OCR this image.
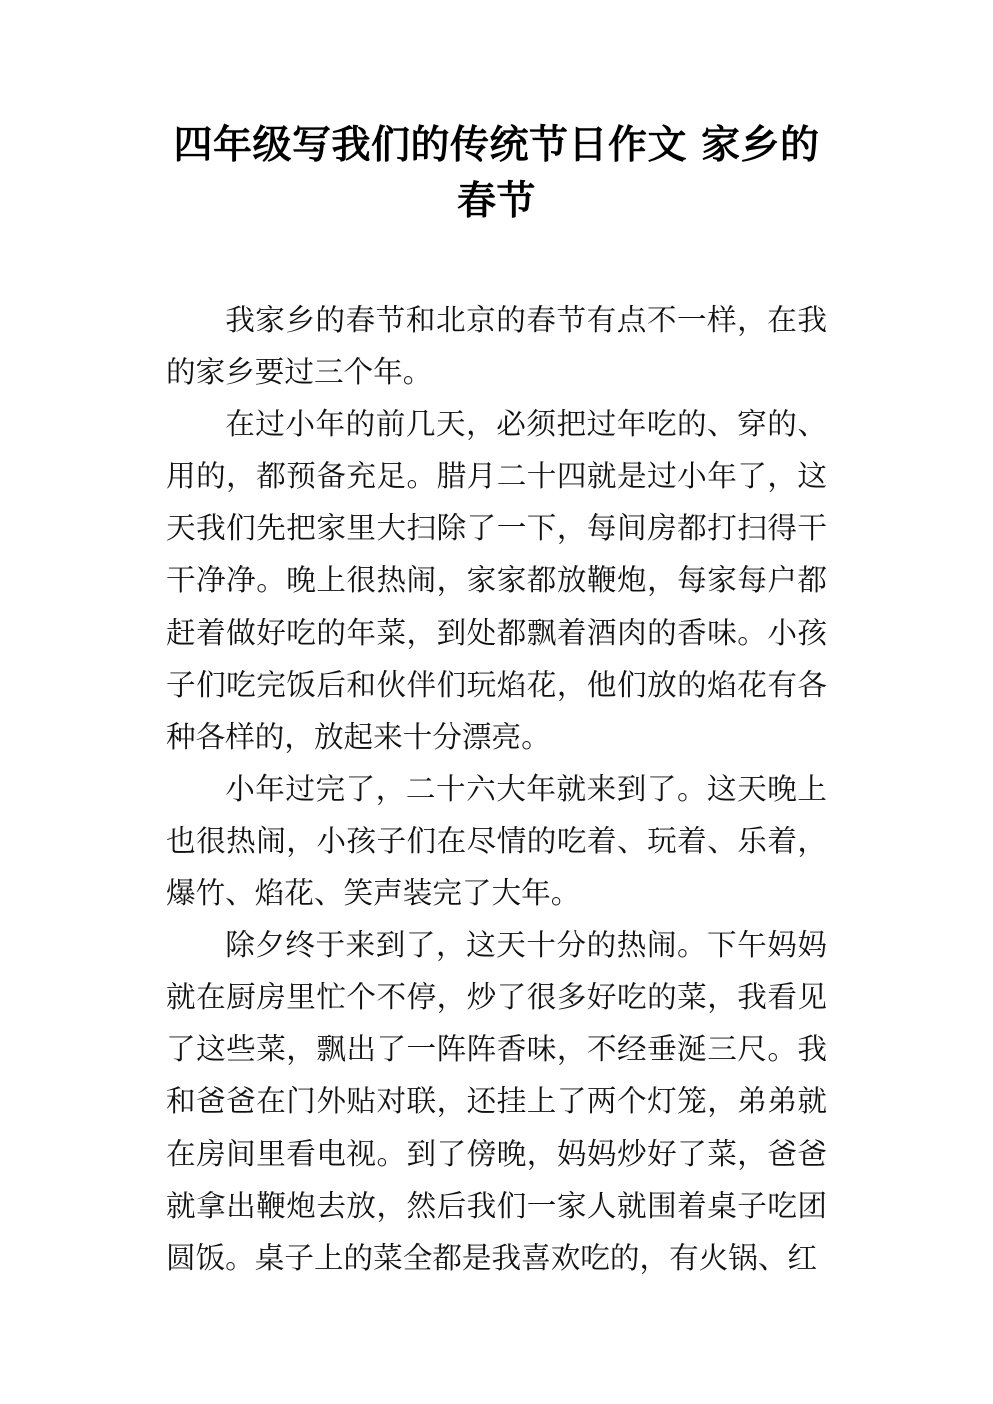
四年级写我们的传统节日作文 家乡的春节

我家乡的春节和北京的春节有点不一样，在我的家乡要过三个年。

在过小年的前几天，必须把过年吃的、穿的、用的，都预备充足。腊月二十四就是过小年了，这天我们先把家里大扫除了一下，每间房都打扫得干干净净。晚上很热闹，家家都放鞭炮，每家每户都赶着做好吃的年菜，到处都飘着酒肉的香味。小孩子们吃完饭后和伙伴们玩焰花，他们放的焰花有各种各样的，放起来十分漂亮。

小年过完了，二十六大年就来到了。这天晚上也很热闹，小孩子们在尽情的吃着、玩着、乐着，爆竹、焰花、笑声装完了大年。

除夕终于来到了，这天十分的热闹。下午妈妈就在厨房里忙个不停，炒了很多好吃的菜，我看见了这些菜，飘出了一阵阵香味，不经垂涎三尺。我和爸爸在门外贴对联，还挂上了两个灯笼，弟弟就在房间里看电视。到了傍晚，妈妈炒好了菜，爸爸就拿出鞭炮去放，然后我们一家人就围着桌子吃团圆饭。桌子上的菜全都是我喜欢吃的，有火锅、红
